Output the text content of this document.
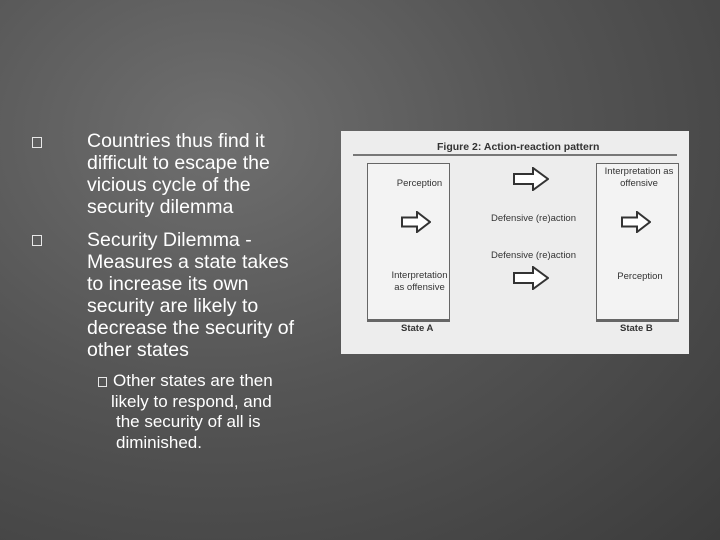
Countries thus find it
difficult to escape the
vicious cycle of the
security dilemma
Security Dilemma -
Measures a state takes
to increase its own
security are likely to
decrease the security of
other states
Other states are then
likely to respond, and
the security of all is
diminished.
Figure 2: Action-reaction pattern
Perception
Interpretation
as offensive
State A
Interpretation as
offensive
Perception
State B
Defensive (re)action
Defensive (re)action
